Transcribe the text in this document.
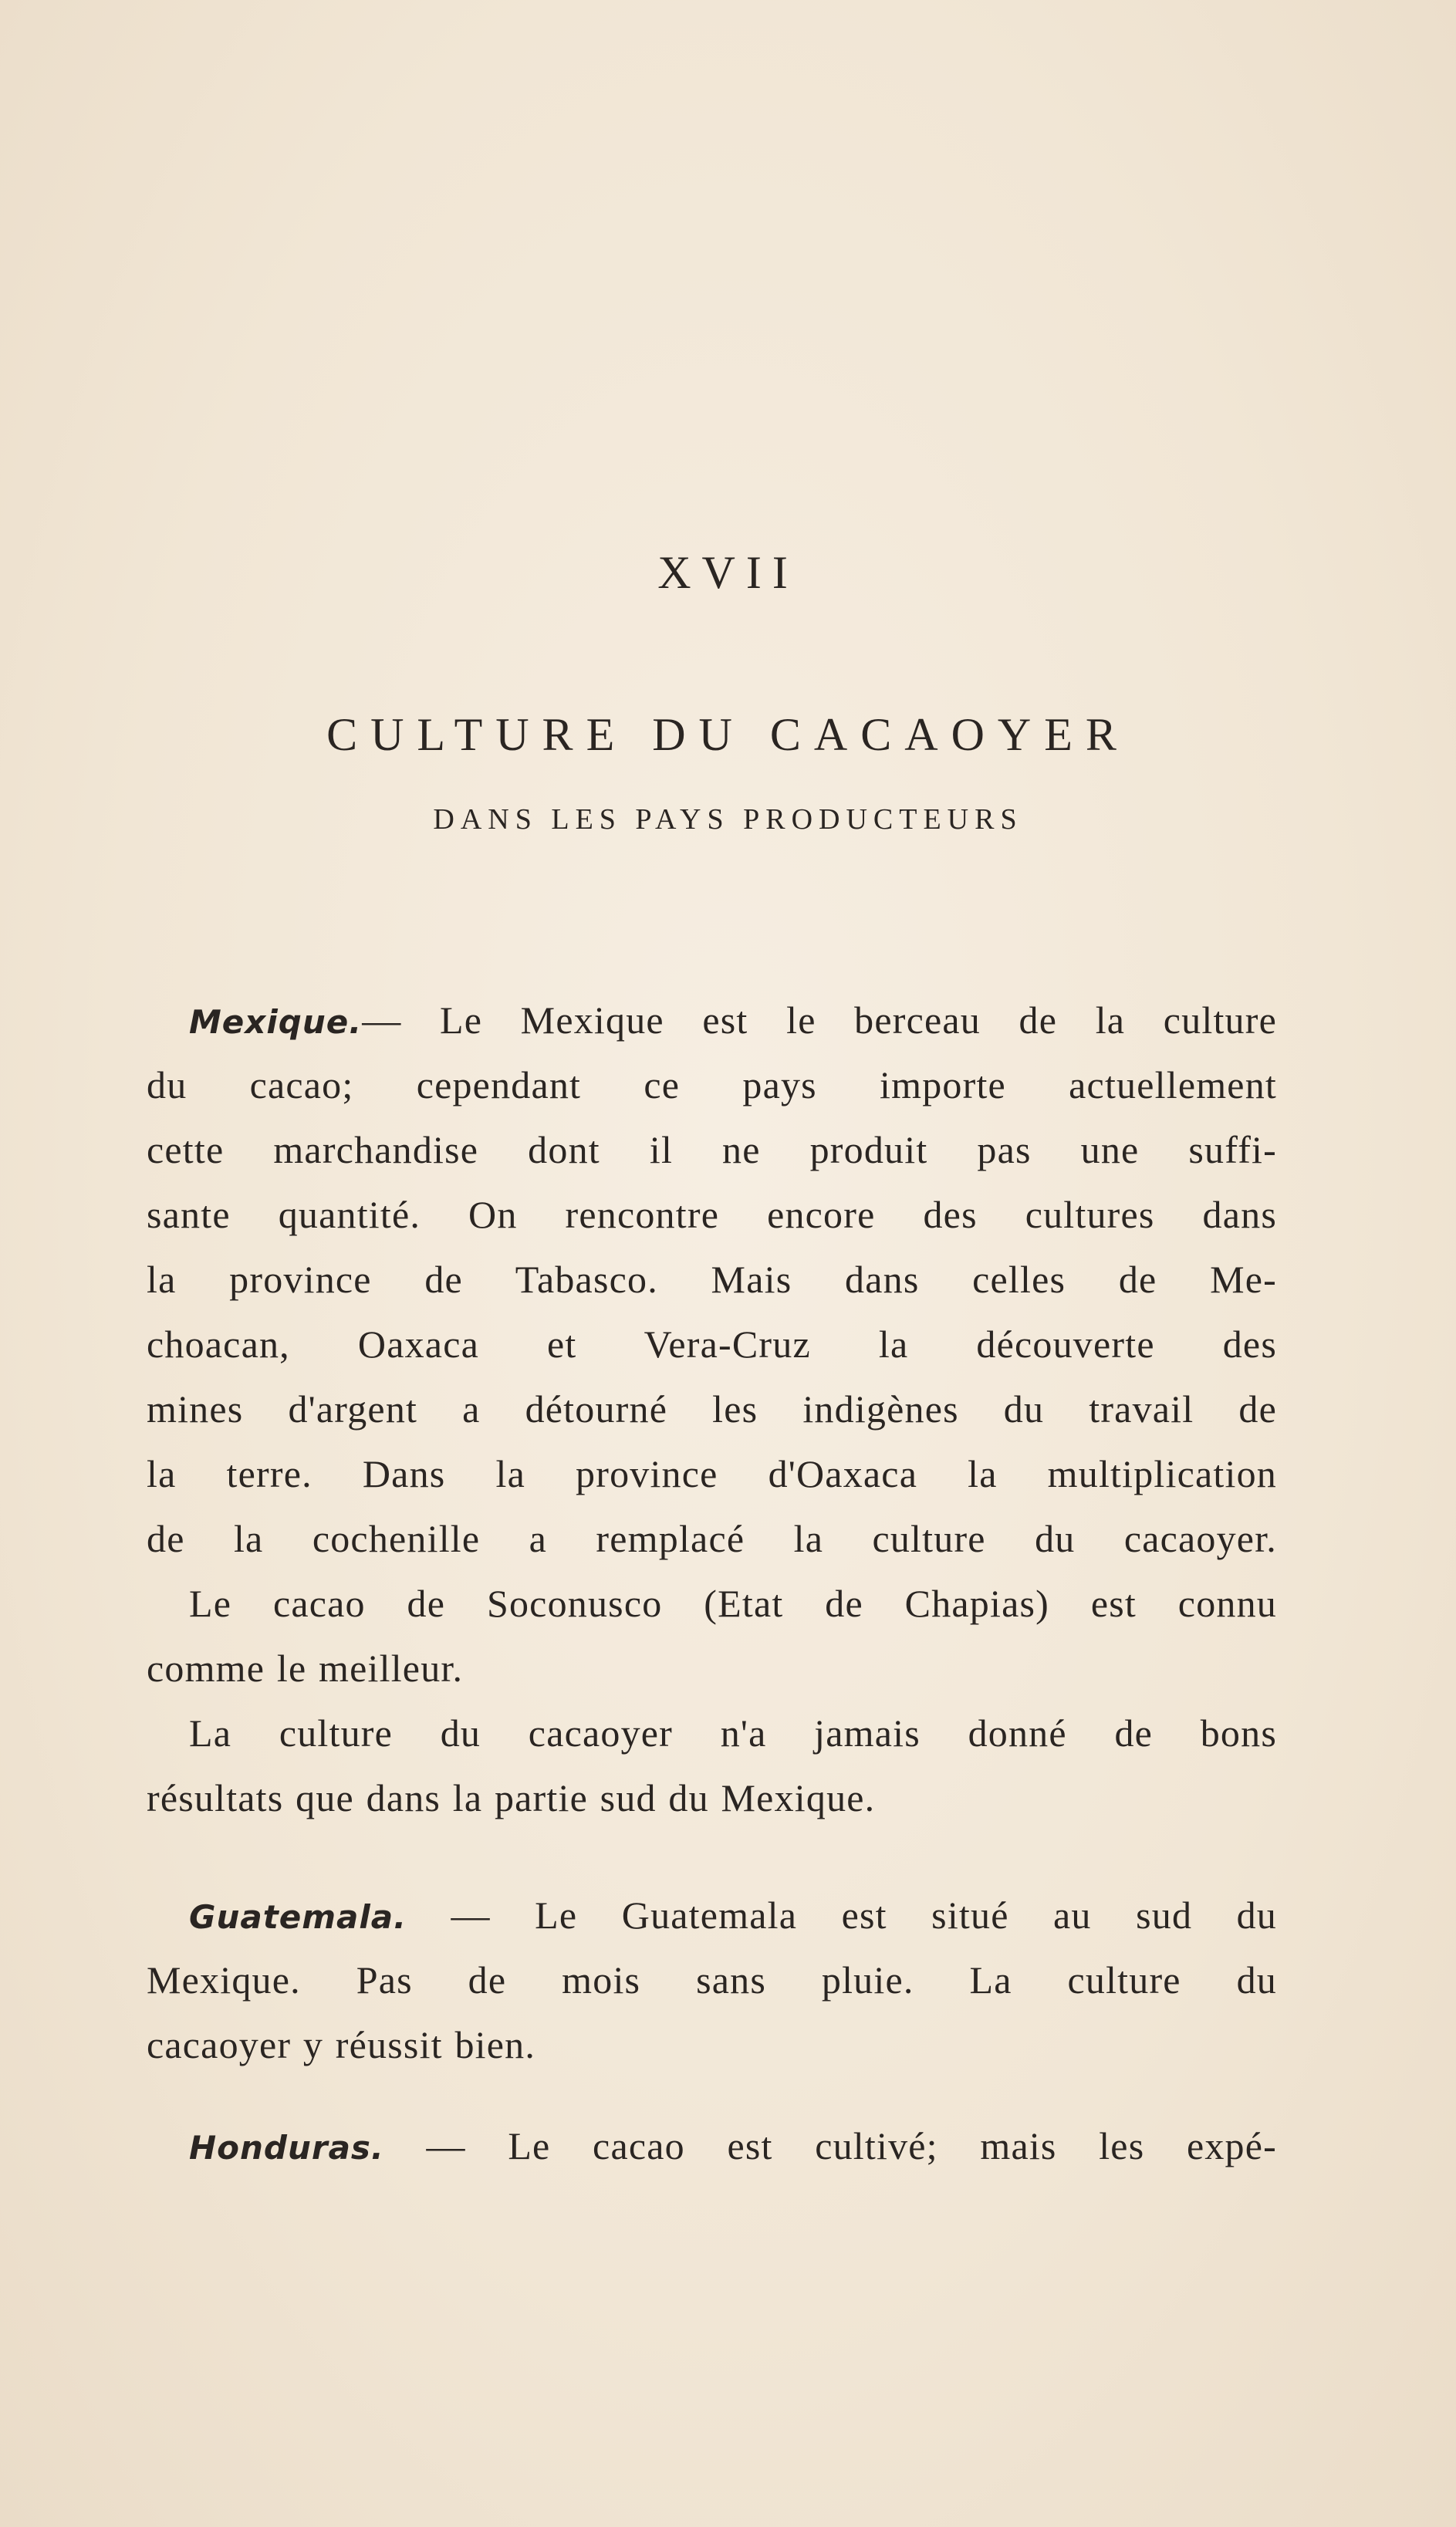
XVII
CULTURE DU CACAOYER
DANS LES PAYS PRODUCTEURS
Mexique.— Le Mexique est le berceau de la culture
du cacao; cependant ce pays importe actuellement
cette marchandise dont il ne produit pas une suffi-
sante quantité. On rencontre encore des cultures dans
la province de Tabasco. Mais dans celles de Me-
choacan, Oaxaca et Vera-Cruz la découverte des
mines d'argent a détourné les indigènes du travail de
la terre. Dans la province d'Oaxaca la multiplication
de la cochenille a remplacé la culture du cacaoyer.
Le cacao de Soconusco (Etat de Chapias) est connu
comme le meilleur.
La culture du cacaoyer n'a jamais donné de bons
résultats que dans la partie sud du Mexique.
Guatemala. — Le Guatemala est situé au sud du
Mexique. Pas de mois sans pluie. La culture du
cacaoyer y réussit bien.
Honduras. — Le cacao est cultivé; mais les expé-
